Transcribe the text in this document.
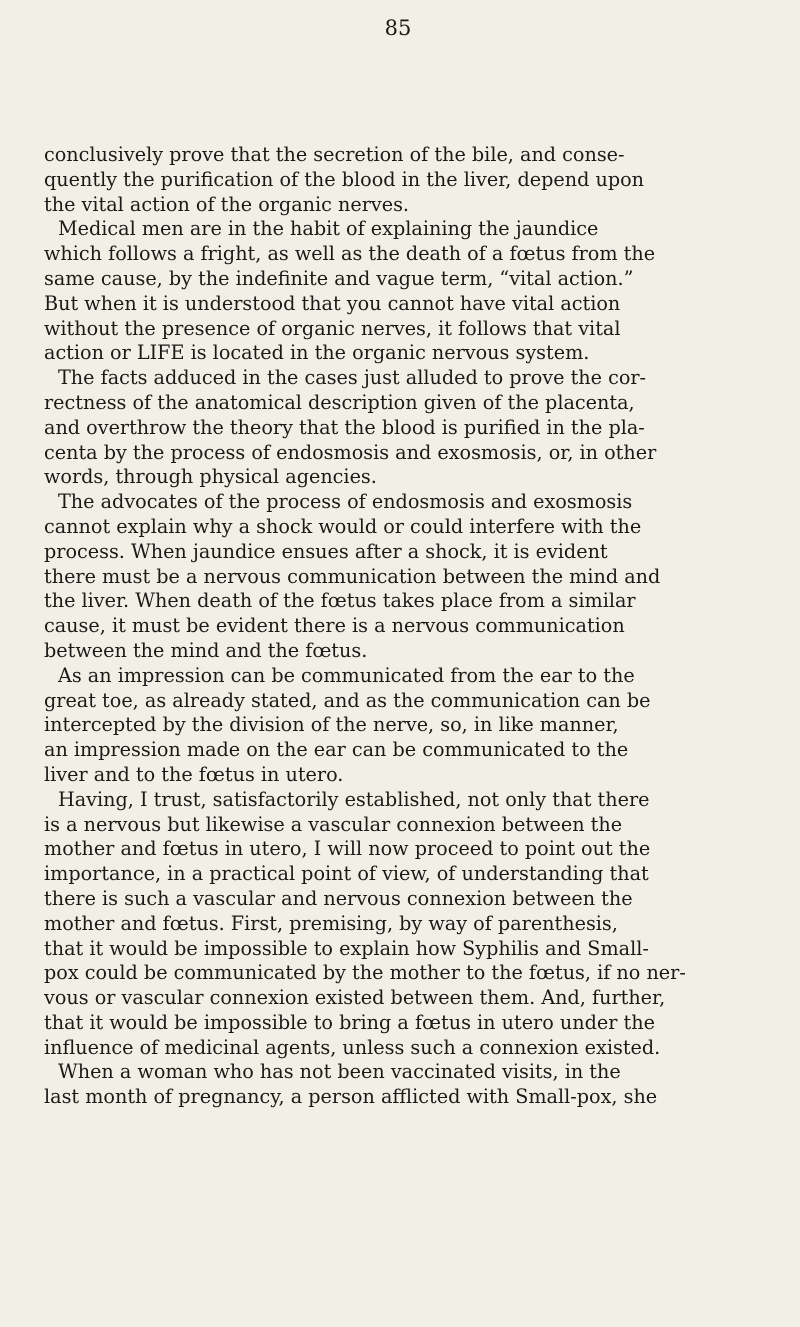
85
conclusively prove that the secretion of the bile, and conse-
quently the purification of the blood in the liver, depend upon
the vital action of the organic nerves.
Medical men are in the habit of explaining the jaundice
which follows a fright, as well as the death of a fœtus from the
same cause, by the indefinite and vague term, “vital action.”
But when it is understood that you cannot have vital action
without the presence of organic nerves, it follows that vital
action or LIFE is located in the organic nervous system.
The facts adduced in the cases just alluded to prove the cor-
rectness of the anatomical description given of the placenta,
and overthrow the theory that the blood is purified in the pla-
centa by the process of endosmosis and exosmosis, or, in other
words, through physical agencies.
The advocates of the process of endosmosis and exosmosis
cannot explain why a shock would or could interfere with the
process. When jaundice ensues after a shock, it is evident
there must be a nervous communication between the mind and
the liver. When death of the fœtus takes place from a similar
cause, it must be evident there is a nervous communication
between the mind and the fœtus.
As an impression can be communicated from the ear to the
great toe, as already stated, and as the communication can be
intercepted by the division of the nerve, so, in like manner,
an impression made on the ear can be communicated to the
liver and to the fœtus in utero.
Having, I trust, satisfactorily established, not only that there
is a nervous but likewise a vascular connexion between the
mother and fœtus in utero, I will now proceed to point out the
importance, in a practical point of view, of understanding that
there is such a vascular and nervous connexion between the
mother and fœtus. First, premising, by way of parenthesis,
that it would be impossible to explain how Syphilis and Small-
pox could be communicated by the mother to the fœtus, if no ner-
vous or vascular connexion existed between them. And, further,
that it would be impossible to bring a fœtus in utero under the
influence of medicinal agents, unless such a connexion existed.
When a woman who has not been vaccinated visits, in the
last month of pregnancy, a person afflicted with Small-pox, she
